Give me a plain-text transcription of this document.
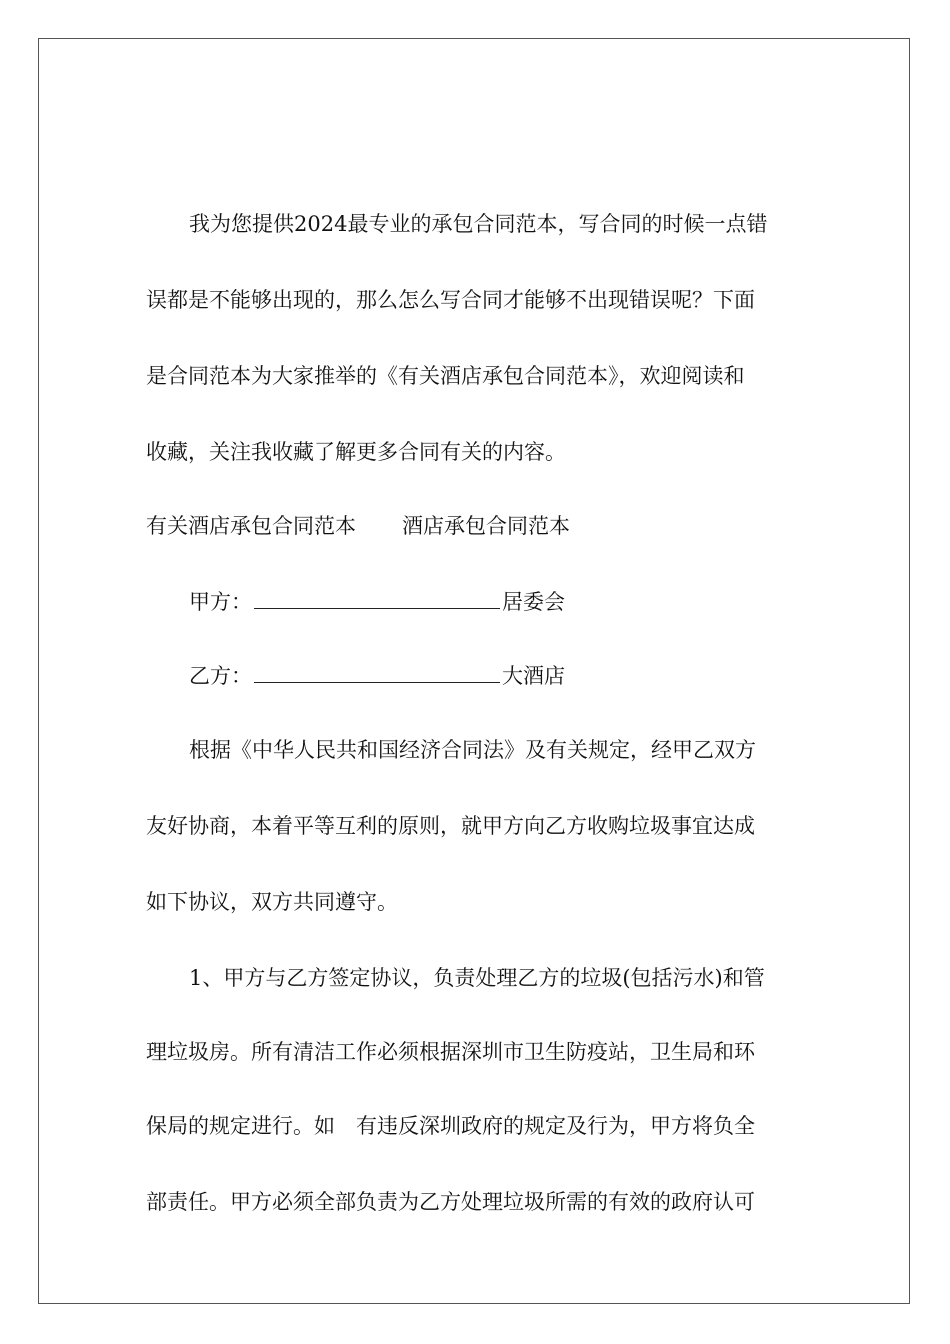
我为您提供2024最专业的承包合同范本，写合同的时候一点错
误都是不能够出现的，那么怎么写合同才能够不出现错误呢？下面
是合同范本为大家推举的《有关酒店承包合同范本》，欢迎阅读和
收藏，关注我收藏了解更多合同有关的内容。
有关酒店承包合同范本 酒店承包合同范本
甲方：	居委会
乙方：	大酒店
根据《中华人民共和国经济合同法》及有关规定，经甲乙双方
友好协商，本着平等互利的原则，就甲方向乙方收购垃圾事宜达成
如下协议，双方共同遵守。
1、甲方与乙方签定协议，负责处理乙方的垃圾(包括污水)和管
理垃圾房。所有清洁工作必须根据深圳市卫生防疫站，卫生局和环
保局的规定进行。如　有违反深圳政府的规定及行为，甲方将负全
部责任。甲方必须全部负责为乙方处理垃圾所需的有效的政府认可
